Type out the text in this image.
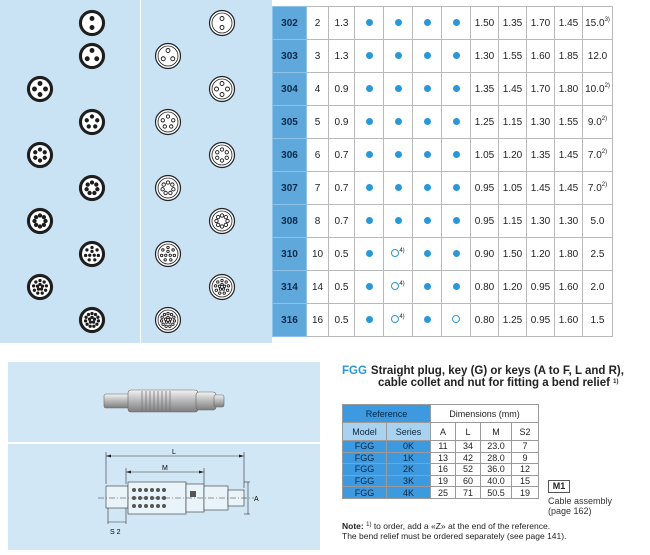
302	2	1.3					1.50	1.35	1.70	1.45	15.0$^{3)}$
303	3	1.3					1.30	1.55	1.60	1.85	12.0
304	4	0.9					1.35	1.45	1.70	1.80	10.0$^{2)}$
305	5	0.9					1.25	1.15	1.30	1.55	9.0$^{2)}$
306	6	0.7					1.05	1.20	1.35	1.45	7.0$^{2)}$
307	7	0.7					0.95	1.05	1.45	1.45	7.0$^{2)}$
308	8	0.7					0.95	1.15	1.30	1.30	5.0
310	10	0.5		$^{4)}$			0.90	1.50	1.20	1.80	2.5
314	14	0.5		$^{4)}$			0.80	1.20	0.95	1.60	2.0
316	16	0.5		$^{4)}$			0.80	1.25	0.95	1.60	1.5
L
M
A
S 2
FGG Straight plug, key (G) or keys (A to F, L and R),
cable collet and nut for fitting a bend relief $^{1)}$
Reference		Dimensions (mm)			
Model	Series	A	L	M	S2
FGG	0K	11	34	23.0	7
FGG	1K	13	42	28.0	9
FGG	2K	16	52	36.0	12
FGG	3K	19	60	40.0	15
FGG	4K	25	71	50.5	19
M1
Cable assembly
(page 162)
Note: $^{1)}$ to order, add a «Z» at the end of the reference.
The bend relief must be ordered separately (see page 141).
